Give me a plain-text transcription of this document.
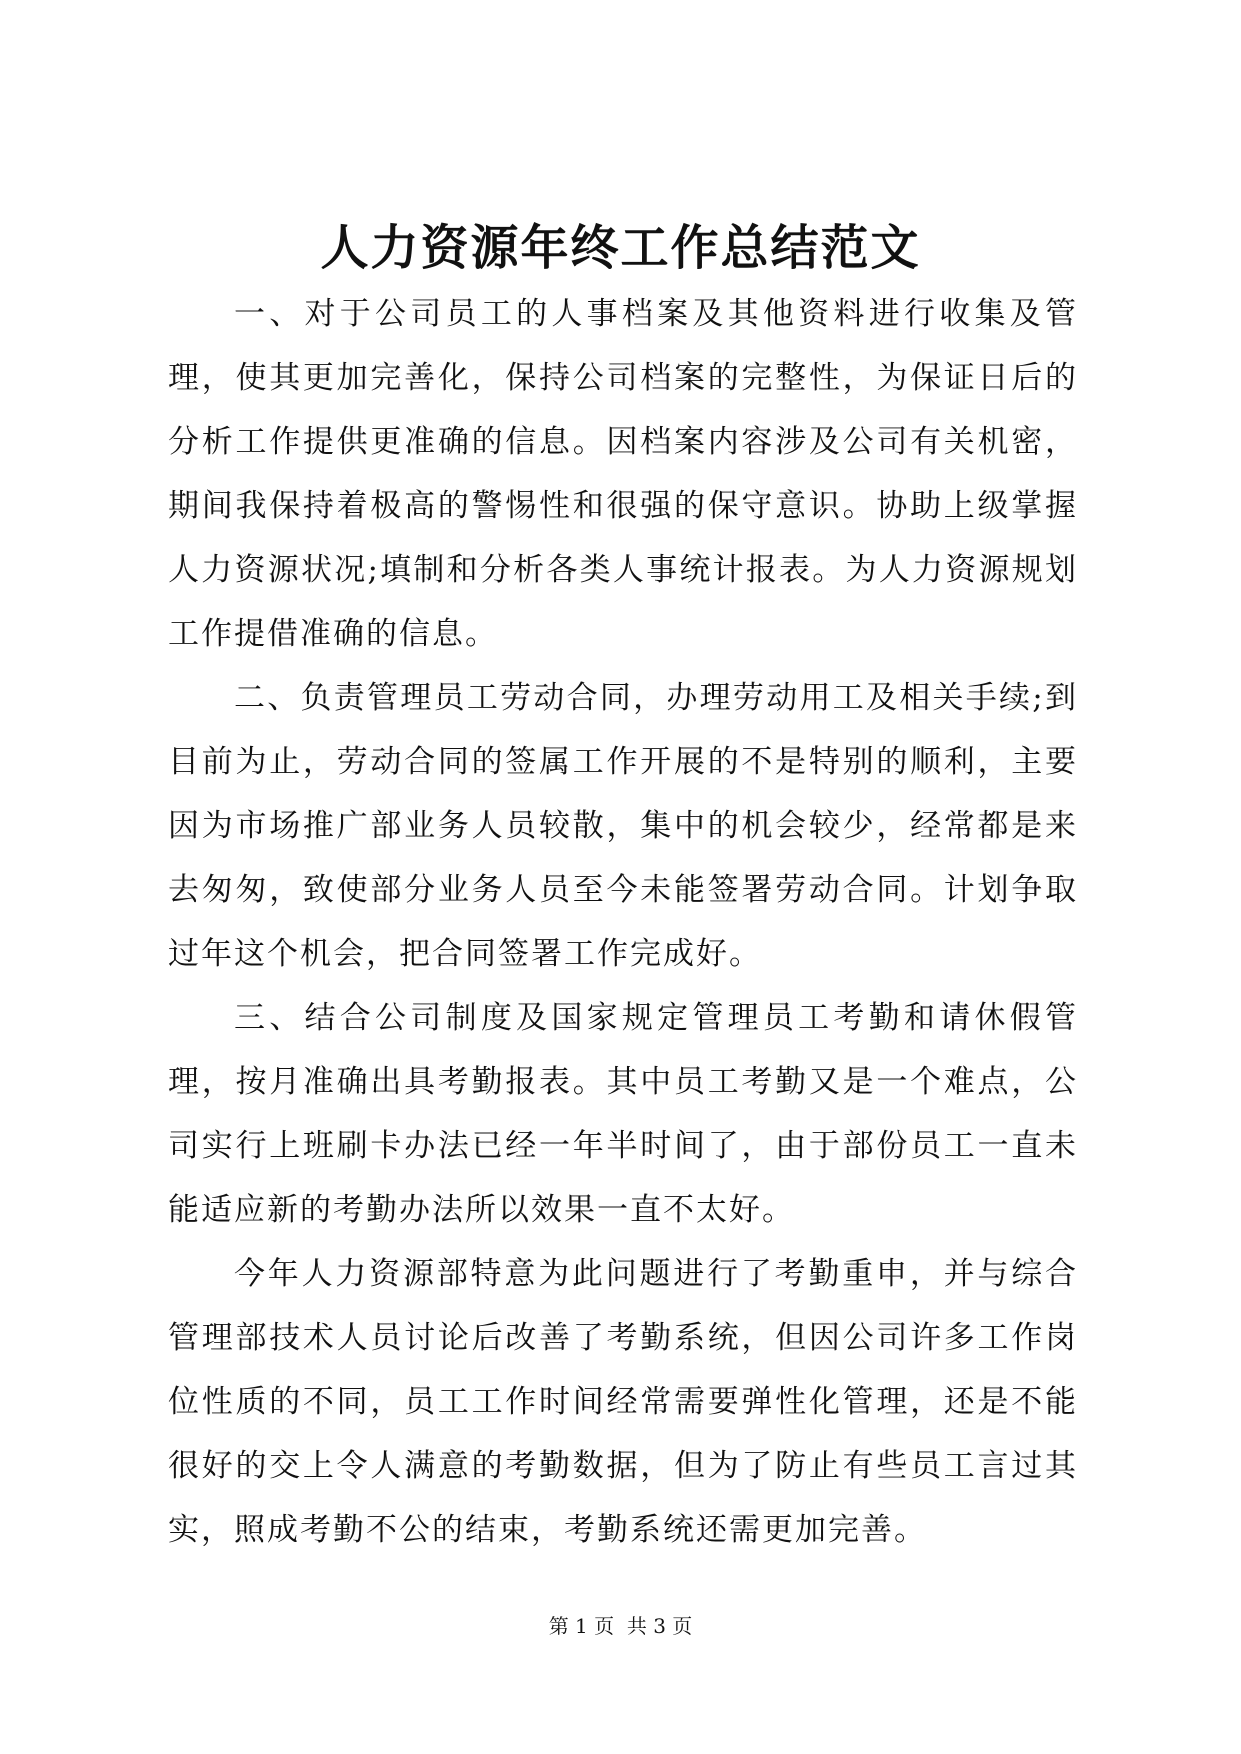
人力资源年终工作总结范文

一、对于公司员工的人事档案及其他资料进行收集及管理，使其更加完善化，保持公司档案的完整性，为保证日后的分析工作提供更准确的信息。因档案内容涉及公司有关机密，期间我保持着极高的警惕性和很强的保守意识。协助上级掌握人力资源状况;填制和分析各类人事统计报表。为人力资源规划工作提借准确的信息。

二、负责管理员工劳动合同，办理劳动用工及相关手续;到目前为止，劳动合同的签属工作开展的不是特别的顺利，主要因为市场推广部业务人员较散，集中的机会较少，经常都是来去匆匆，致使部分业务人员至今未能签署劳动合同。计划争取过年这个机会，把合同签署工作完成好。

三、结合公司制度及国家规定管理员工考勤和请休假管理，按月准确出具考勤报表。其中员工考勤又是一个难点，公司实行上班刷卡办法已经一年半时间了，由于部份员工一直未能适应新的考勤办法所以效果一直不太好。

今年人力资源部特意为此问题进行了考勤重申，并与综合管理部技术人员讨论后改善了考勤系统，但因公司许多工作岗位性质的不同，员工工作时间经常需要弹性化管理，还是不能很好的交上令人满意的考勤数据，但为了防止有些员工言过其实，照成考勤不公的结束，考勤系统还需更加完善。

第 1 页  共 3 页
